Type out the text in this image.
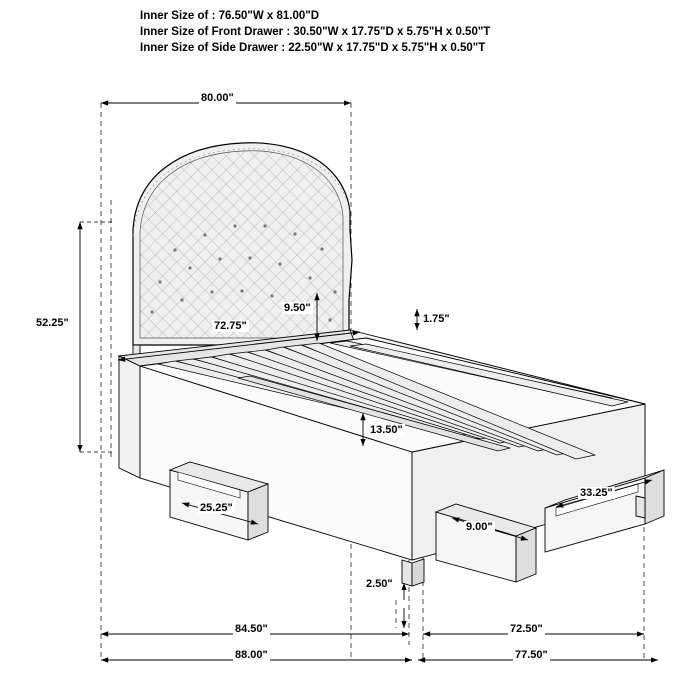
Inner Size of : 76.50"W x 81.00"D
Inner Size of Front Drawer : 30.50"W x 17.75"D x 5.75"H x 0.50"T
Inner Size of Side Drawer : 22.50"W x 17.75"D x 5.75"H x 0.50"T
80.00"
52.25"	72.75"
9.50"
1.75"
13.50"
25.25"
9.00"
33.25"
2.50"
84.50"	72.50"
88.00"	77.50"
